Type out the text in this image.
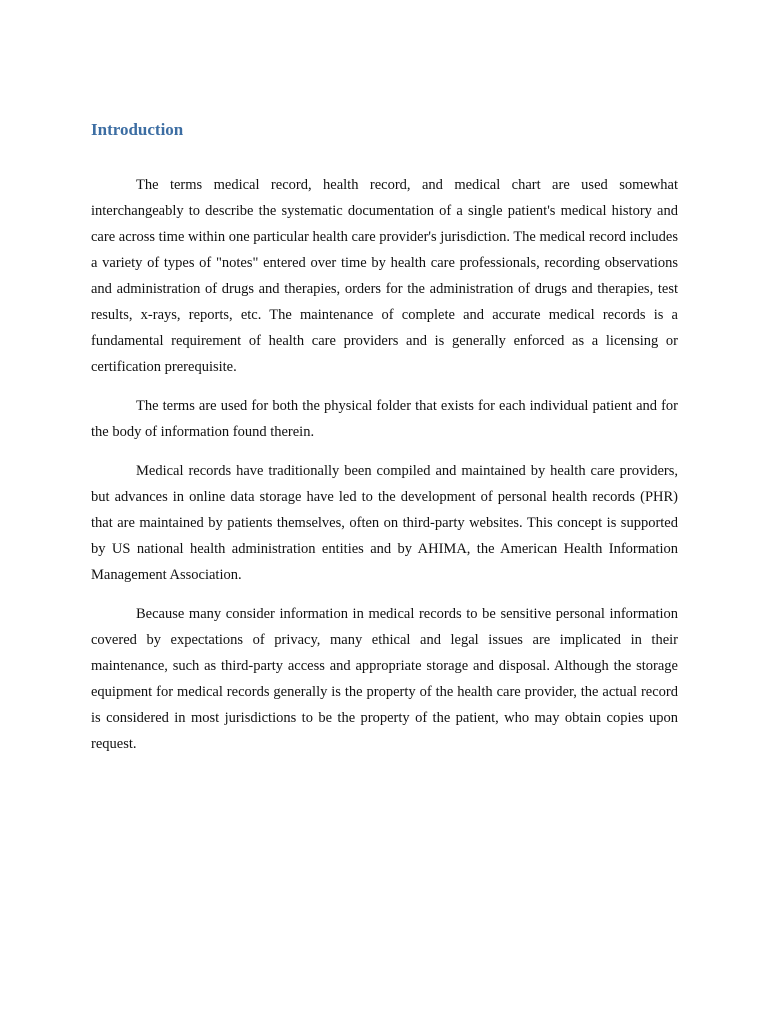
Introduction

The terms medical record, health record, and medical chart are used somewhat interchangeably to describe the systematic documentation of a single patient's medical history and care across time within one particular health care provider's jurisdiction. The medical record includes a variety of types of "notes" entered over time by health care professionals, recording observations and administration of drugs and therapies, orders for the administration of drugs and therapies, test results, x-rays, reports, etc. The maintenance of complete and accurate medical records is a fundamental requirement of health care providers and is generally enforced as a licensing or certification prerequisite.

The terms are used for both the physical folder that exists for each individual patient and for the body of information found therein.

Medical records have traditionally been compiled and maintained by health care providers, but advances in online data storage have led to the development of personal health records (PHR) that are maintained by patients themselves, often on third-party websites. This concept is supported by US national health administration entities and by AHIMA, the American Health Information Management Association.

Because many consider information in medical records to be sensitive personal information covered by expectations of privacy, many ethical and legal issues are implicated in their maintenance, such as third-party access and appropriate storage and disposal. Although the storage equipment for medical records generally is the property of the health care provider, the actual record is considered in most jurisdictions to be the property of the patient, who may obtain copies upon request.
